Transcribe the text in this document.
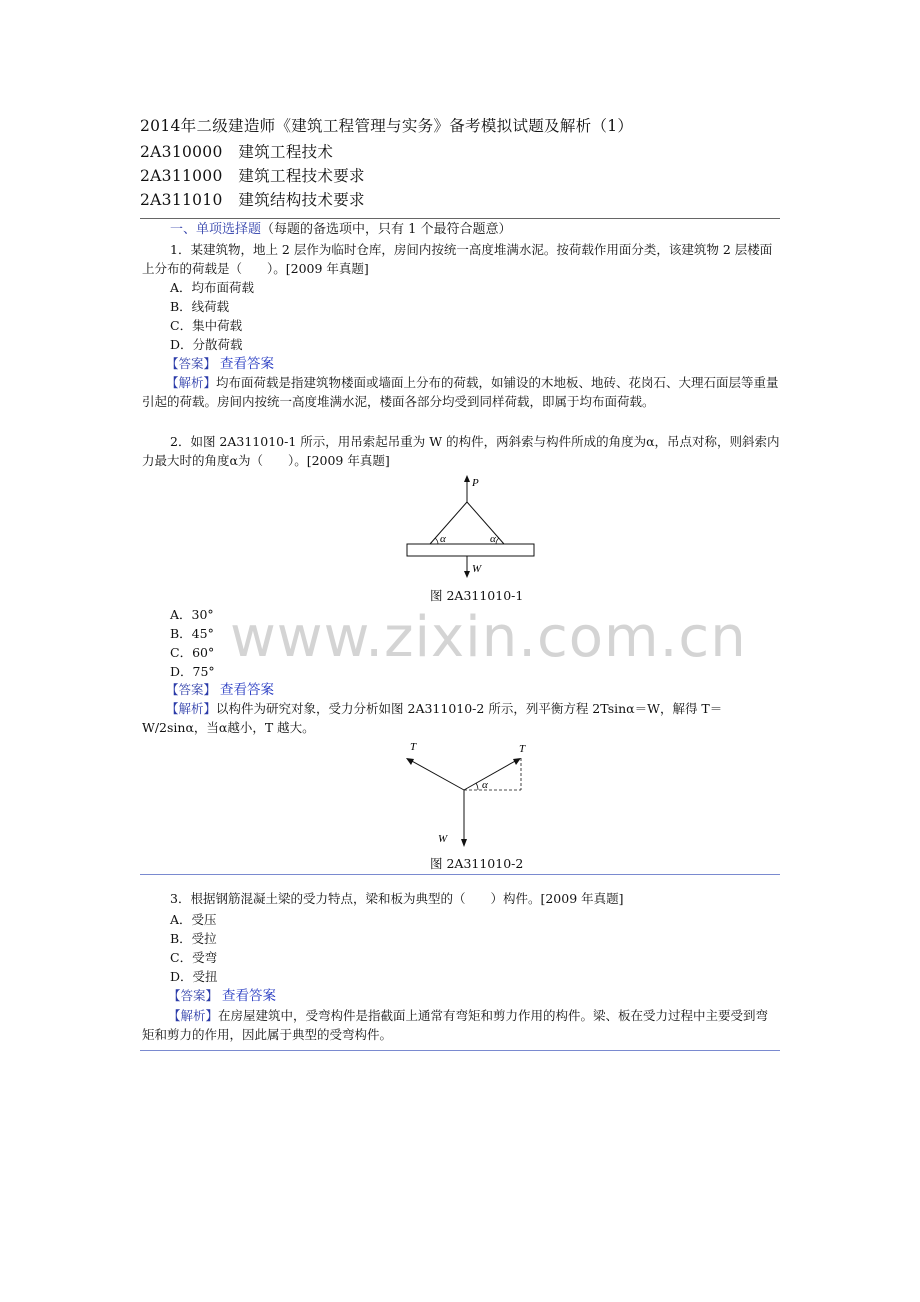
2014年二级建造师《建筑工程管理与实务》备考模拟试题及解析（1）
2A310000　建筑工程技术
2A311000　建筑工程技术要求
2A311010　建筑结构技术要求
一、单项选择题（每题的备选项中，只有 1 个最符合题意）
1．某建筑物，地上 2 层作为临时仓库，房间内按统一高度堆满水泥。按荷载作用面分类，该建筑物 2 层楼面上分布的荷载是（　　）。[2009 年真题]
A．均布面荷载
B．线荷载
C．集中荷载
D．分散荷载
【答案】 查看答案
【解析】均布面荷载是指建筑物楼面或墙面上分布的荷载，如铺设的木地板、地砖、花岗石、大理石面层等重量引起的荷载。房间内按统一高度堆满水泥，楼面各部分均受到同样荷载，即属于均布面荷载。
2．如图 2A311010-1 所示，用吊索起吊重为 W 的构件，两斜索与构件所成的角度为α，吊点对称，则斜索内力最大时的角度α为（　　）。[2009 年真题]
P
α	α
W
图 2A311010-1
A．30°
B．45°
C．60°
D．75°
【答案】 查看答案
【解析】以构件为研究对象，受力分析如图 2A311010-2 所示，列平衡方程 2Tsinα＝W，解得 T＝W/2sinα，当α越小，T 越大。
T	T
α
W
图 2A311010-2
3．根据钢筋混凝土梁的受力特点，梁和板为典型的（　　）构件。[2009 年真题]
A．受压
B．受拉
C．受弯
D．受扭
【答案】 查看答案
【解析】在房屋建筑中，受弯构件是指截面上通常有弯矩和剪力作用的构件。梁、板在受力过程中主要受到弯矩和剪力的作用，因此属于典型的受弯构件。
www.zixin.com.cn
